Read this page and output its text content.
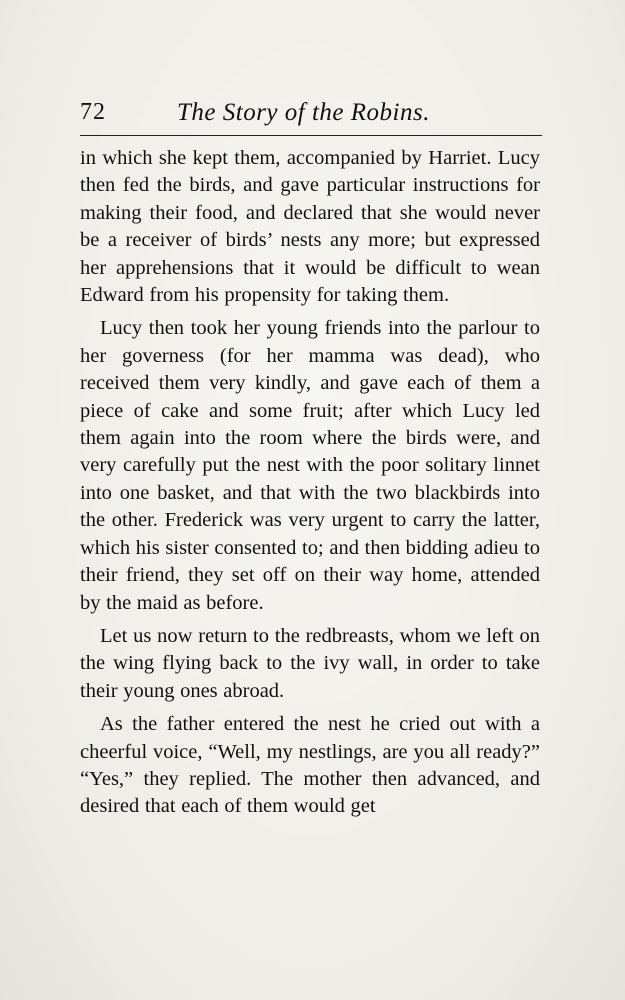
72	The Story of the Robins.

in which she kept them, accompanied by Harriet. Lucy then fed the birds, and gave particular instructions for making their food, and declared that she would never be a receiver of birds’ nests any more; but expressed her apprehensions that it would be difficult to wean Edward from his propensity for taking them.

Lucy then took her young friends into the parlour to her governess (for her mamma was dead), who received them very kindly, and gave each of them a piece of cake and some fruit; after which Lucy led them again into the room where the birds were, and very carefully put the nest with the poor solitary linnet into one basket, and that with the two blackbirds into the other. Frederick was very urgent to carry the latter, which his sister consented to; and then bidding adieu to their friend, they set off on their way home, attended by the maid as before.

Let us now return to the redbreasts, whom we left on the wing flying back to the ivy wall, in order to take their young ones abroad.

As the father entered the nest he cried out with a cheerful voice, “Well, my nestlings, are you all ready?” “Yes,” they replied. The mother then advanced, and desired that each of them would get
